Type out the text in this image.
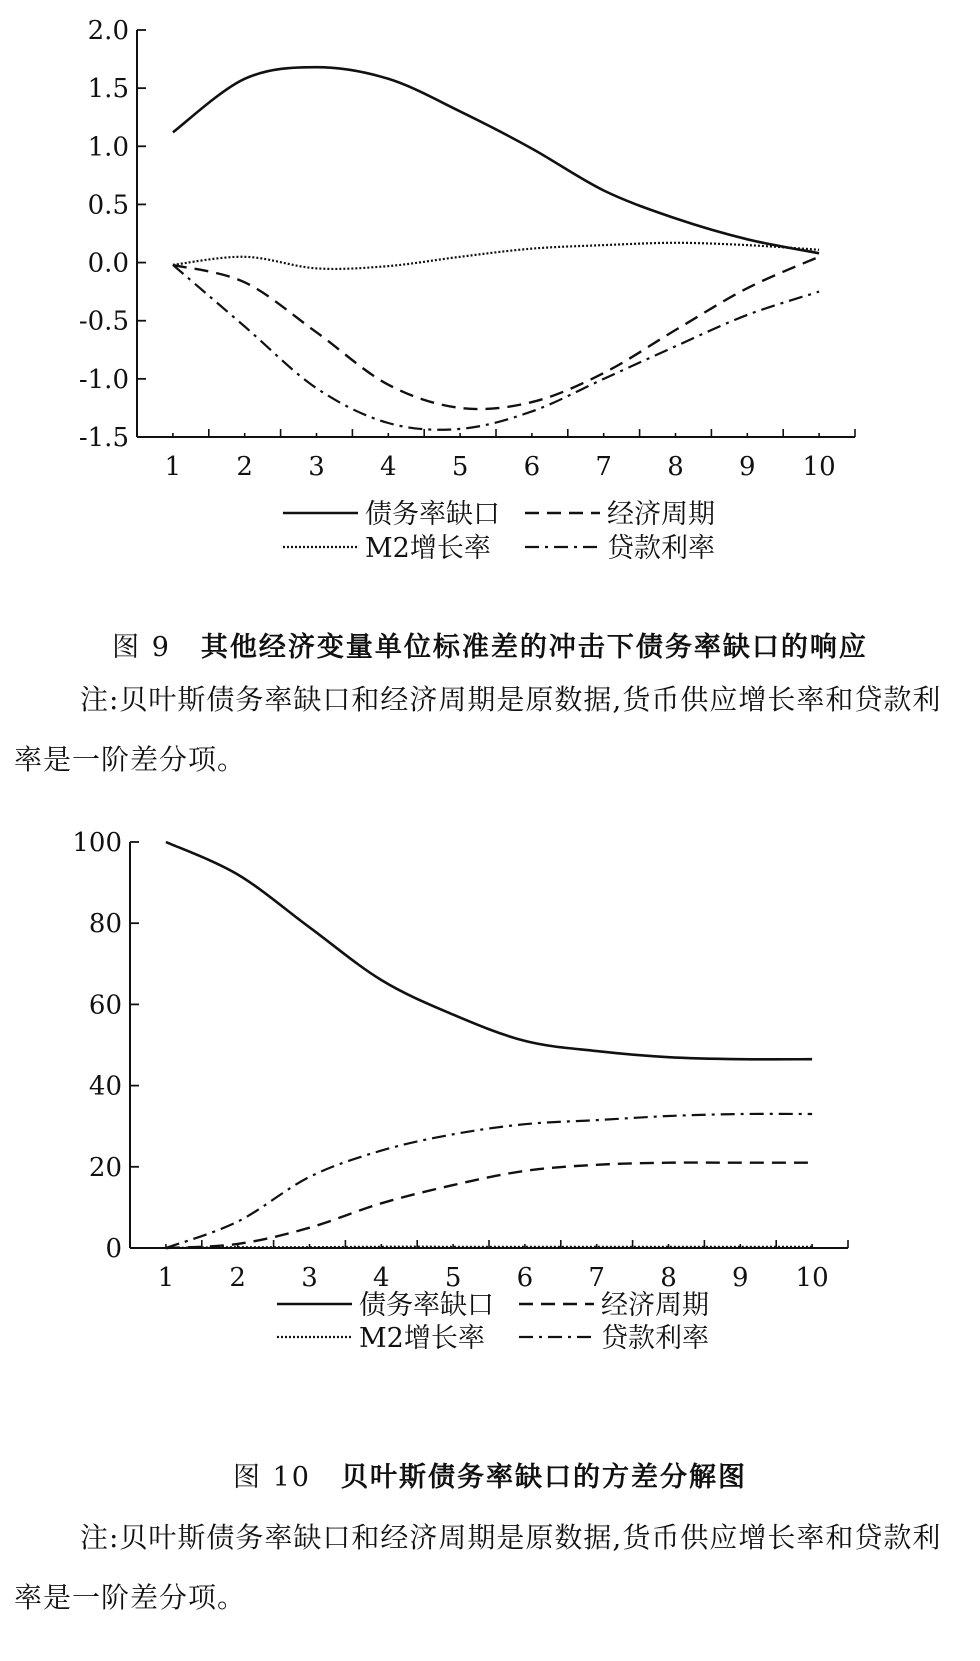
2.0
1.5
1.0
0.5
0.0
-0.5
-1.0
-1.5
1 2 3 4 5 6 7 8 9 10
债务率缺口	经济周期
M2增长率	贷款利率
图 9 其他经济变量单位标准差的冲击下债务率缺口的响应
注:贝叶斯债务率缺口和经济周期是原数据,货币供应增长率和贷款利率是一阶差分项。
100
80
60
40
20
0
1 2 3 4 5 6 7 8 9 10
债务率缺口	经济周期
M2增长率	贷款利率
图 10 贝叶斯债务率缺口的方差分解图
注:贝叶斯债务率缺口和经济周期是原数据,货币供应增长率和贷款利率是一阶差分项。
